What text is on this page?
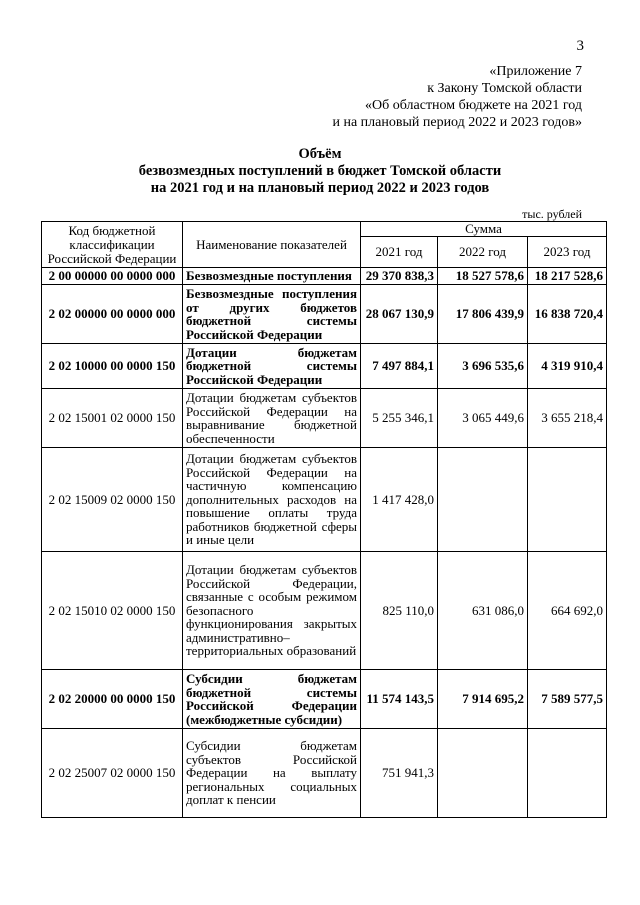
3
«Приложение 7
к Закону Томской области
«Об областном бюджете на 2021 год
и на плановый период 2022 и 2023 годов»
Объём
безвозмездных поступлений в бюджет Томской области
на 2021 год и на плановый период 2022 и 2023 годов
тыс. рублей
Код бюджетной классификации Российской Федерации	Наименование показателей	Сумма		
		2021 год	2022 год	2023 год
2 00 00000 00 0000 000	Безвозмездные поступления	29 370 838,3	18 527 578,6	18 217 528,6
2 02 00000 00 0000 000	Безвозмездные поступления от других бюджетов бюджетной системы Российской Федерации	28 067 130,9	17 806 439,9	16 838 720,4
2 02 10000 00 0000 150	Дотации бюджетам бюджетной системы Российской Федерации	7 497 884,1	3 696 535,6	4 319 910,4
2 02 15001 02 0000 150	Дотации бюджетам субъектов Российской Федерации на выравнивание бюджетной обеспеченности	5 255 346,1	3 065 449,6	3 655 218,4
2 02 15009 02 0000 150	Дотации бюджетам субъектов Российской Федерации на частичную компенсацию дополнительных расходов на повышение оплаты труда работников бюджетной сферы и иные цели	1 417 428,0		
2 02 15010 02 0000 150	Дотации бюджетам субъектов Российской Федерации, связанные с особым режимом безопасного функционирования закрытых административно–территориальных образований	825 110,0	631 086,0	664 692,0
2 02 20000 00 0000 150	Субсидии бюджетам бюджетной системы Российской Федерации (межбюджетные субсидии)	11 574 143,5	7 914 695,2	7 589 577,5
2 02 25007 02 0000 150	Субсидии бюджетам субъектов Российской Федерации на выплату региональных социальных доплат к пенсии	751 941,3		
